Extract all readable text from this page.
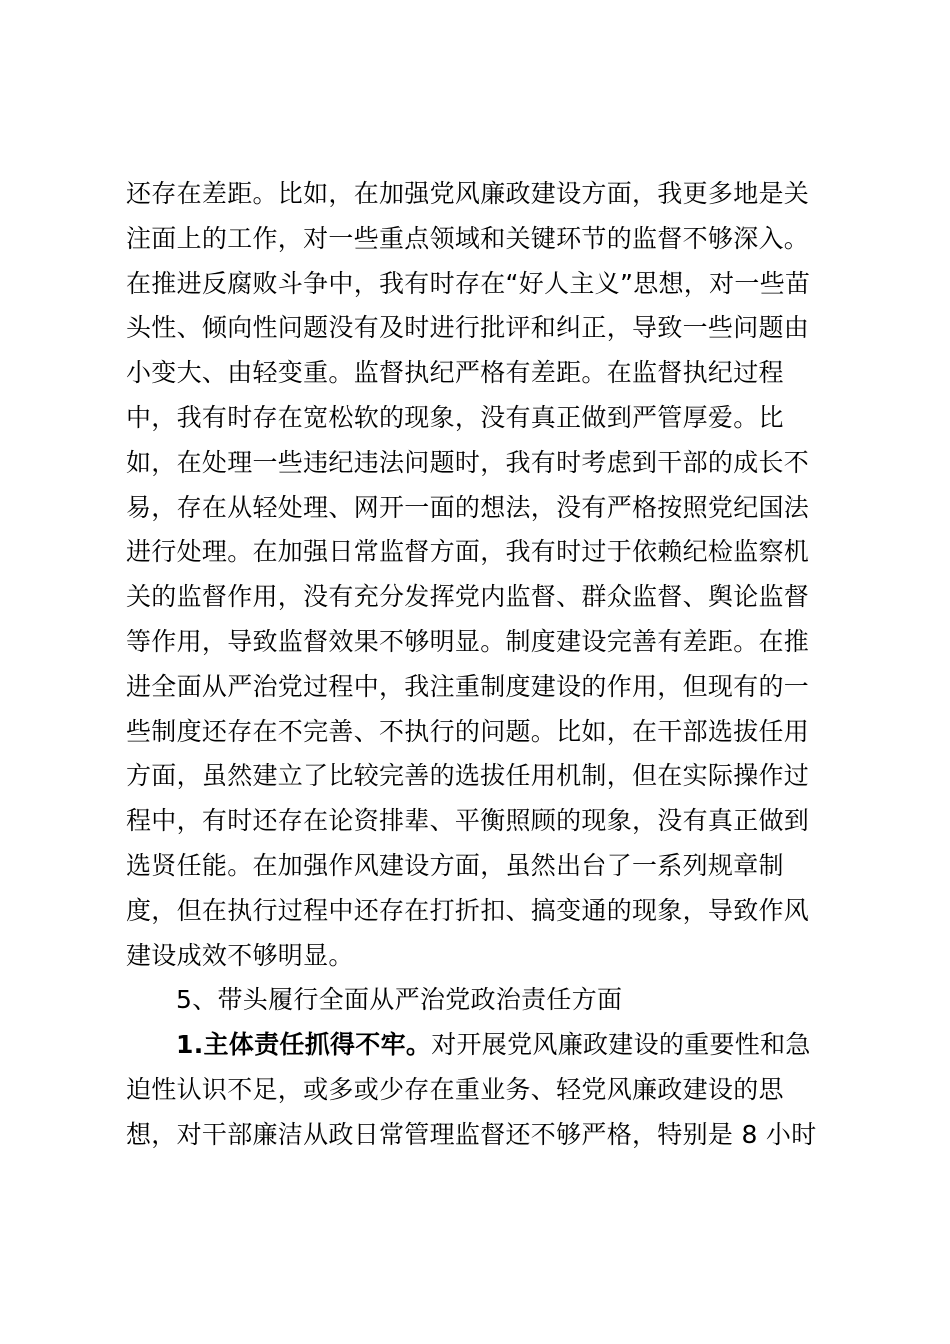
还存在差距。比如，在加强党风廉政建设方面，我更多地是关
注面上的工作，对一些重点领域和关键环节的监督不够深入。
在推进反腐败斗争中，我有时存在“好人主义”思想，对一些苗
头性、倾向性问题没有及时进行批评和纠正，导致一些问题由
小变大、由轻变重。监督执纪严格有差距。在监督执纪过程
中，我有时存在宽松软的现象，没有真正做到严管厚爱。比
如，在处理一些违纪违法问题时，我有时考虑到干部的成长不
易，存在从轻处理、网开一面的想法，没有严格按照党纪国法
进行处理。在加强日常监督方面，我有时过于依赖纪检监察机
关的监督作用，没有充分发挥党内监督、群众监督、舆论监督
等作用，导致监督效果不够明显。制度建设完善有差距。在推
进全面从严治党过程中，我注重制度建设的作用，但现有的一
些制度还存在不完善、不执行的问题。比如，在干部选拔任用
方面，虽然建立了比较完善的选拔任用机制，但在实际操作过
程中，有时还存在论资排辈、平衡照顾的现象，没有真正做到
选贤任能。在加强作风建设方面，虽然出台了一系列规章制
度，但在执行过程中还存在打折扣、搞变通的现象，导致作风
建设成效不够明显。
5、带头履行全面从严治党政治责任方面
1.主体责任抓得不牢。对开展党风廉政建设的重要性和急
迫性认识不足，或多或少存在重业务、轻党风廉政建设的思
想，对干部廉洁从政日常管理监督还不够严格，特别是 8 小时
